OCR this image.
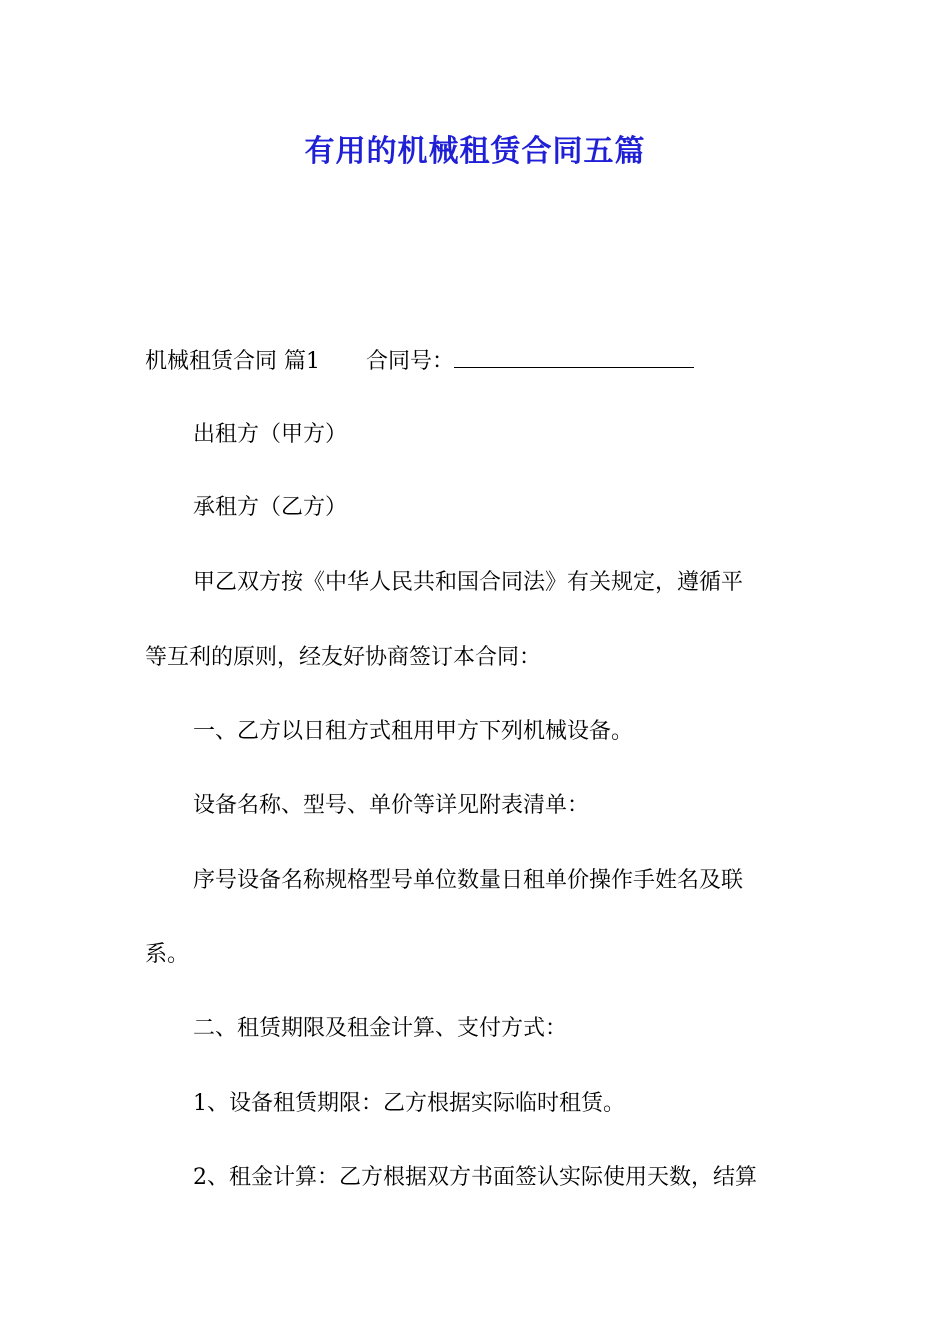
有用的机械租赁合同五篇
机械租赁合同 篇1 合同号：
出租方（甲方）
承租方（乙方）
甲乙双方按《中华人民共和国合同法》有关规定，遵循平
等互利的原则，经友好协商签订本合同：
一、乙方以日租方式租用甲方下列机械设备。
设备名称、型号、单价等详见附表清单：
序号设备名称规格型号单位数量日租单价操作手姓名及联
系。
二、租赁期限及租金计算、支付方式：
1、设备租赁期限：乙方根据实际临时租赁。
2、租金计算：乙方根据双方书面签认实际使用天数，结算
